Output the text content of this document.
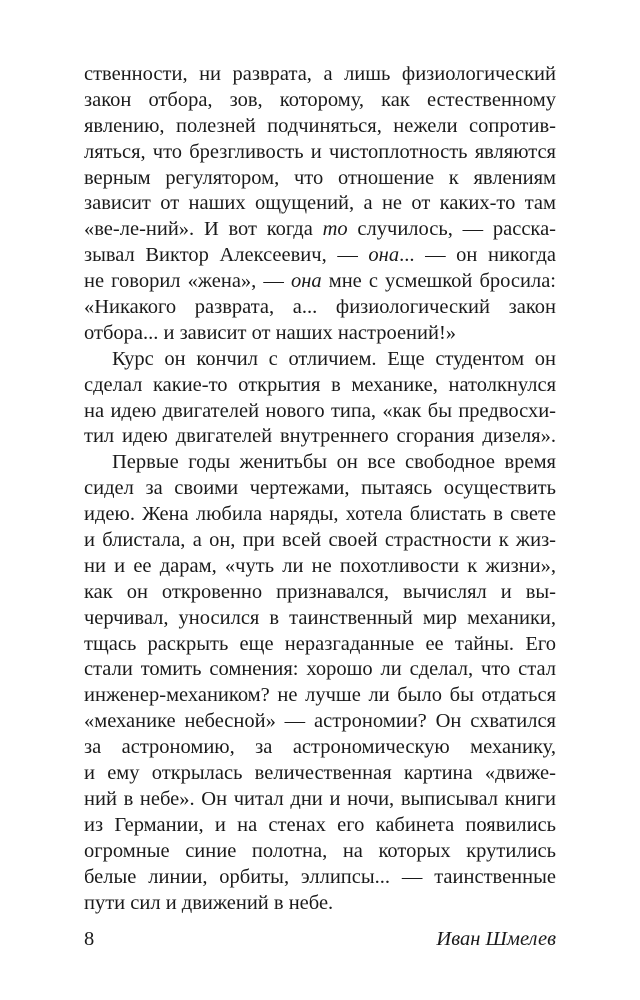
ственности, ни разврата, а лишь физиологический
закон отбора, зов, которому, как естественному
явлению, полезней подчиняться, нежели сопротив-
ляться, что брезгливость и чистоплотность являются
верным регулятором, что отношение к явлениям
зависит от наших ощущений, а не от каких-то там
«ве-ле-ний». И вот когда то случилось, — расска-
зывал Виктор Алексеевич, — она... — он никогда
не говорил «жена», — она мне с усмешкой бросила:
«Никакого разврата, а... физиологический закон
отбора... и зависит от наших настроений!»
Курс он кончил с отличием. Еще студентом он
сделал какие-то открытия в механике, натолкнулся
на идею двигателей нового типа, «как бы предвосхи-
тил идею двигателей внутреннего сгорания дизеля».
Первые годы женитьбы он все свободное время
сидел за своими чертежами, пытаясь осуществить
идею. Жена любила наряды, хотела блистать в свете
и блистала, а он, при всей своей страстности к жиз-
ни и ее дарам, «чуть ли не похотливости к жизни»,
как он откровенно признавался, вычислял и вы-
черчивал, уносился в таинственный мир механики,
тщась раскрыть еще неразгаданные ее тайны. Его
стали томить сомнения: хорошо ли сделал, что стал
инженер-механиком? не лучше ли было бы отдаться
«механике небесной» — астрономии? Он схватился
за астрономию, за астрономическую механику,
и ему открылась величественная картина «движе-
ний в небе». Он читал дни и ночи, выписывал книги
из Германии, и на стенах его кабинета появились
огромные синие полотна, на которых крутились
белые линии, орбиты, эллипсы... — таинственные
пути сил и движений в небе.
8	Иван Шмелев
